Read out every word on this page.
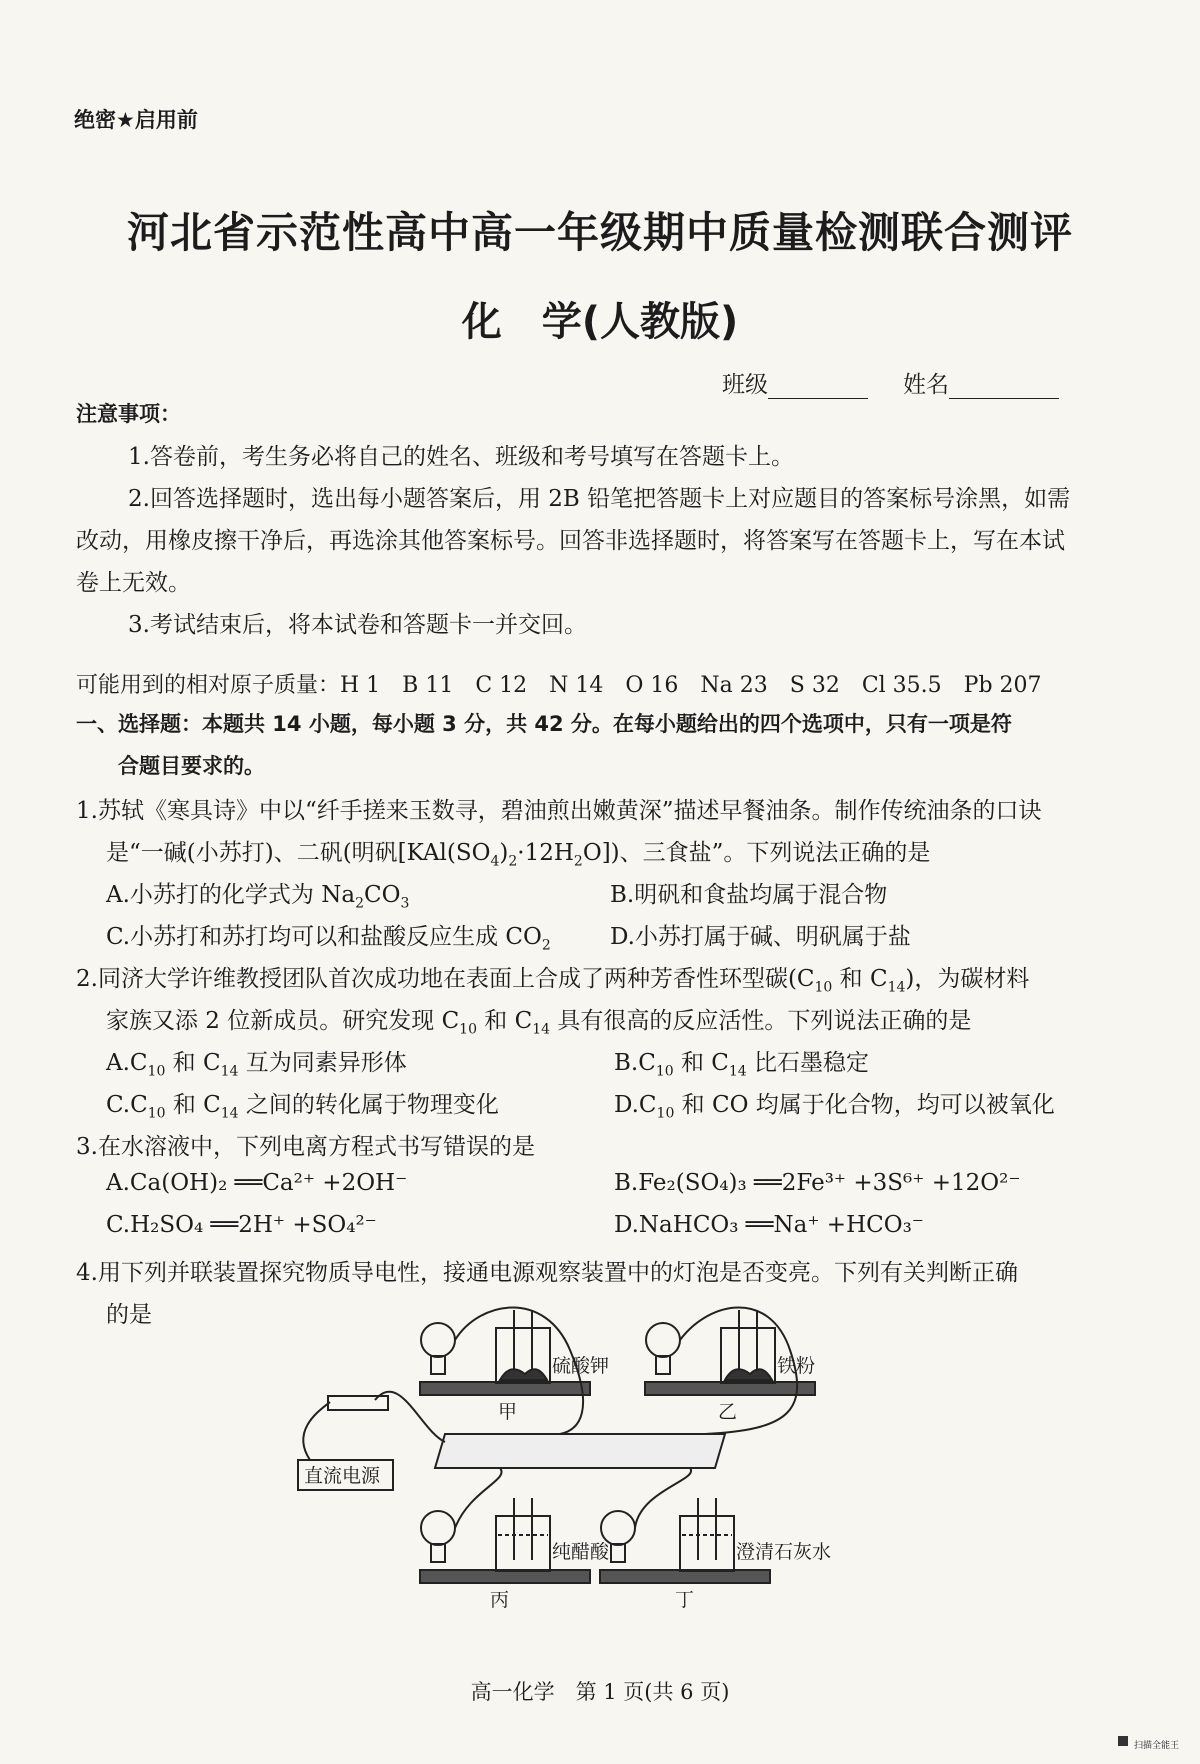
绝密★启用前
河北省示范性高中高一年级期中质量检测联合测评
化　学(人教版)
班级	姓名
注意事项：
1.答卷前，考生务必将自己的姓名、班级和考号填写在答题卡上。
2.回答选择题时，选出每小题答案后，用 2B 铅笔把答题卡上对应题目的答案标号涂黑，如需
改动，用橡皮擦干净后，再选涂其他答案标号。回答非选择题时，将答案写在答题卡上，写在本试
卷上无效。
3.考试结束后，将本试卷和答题卡一并交回。
可能用到的相对原子质量：H 1　B 11　C 12　N 14　O 16　Na 23　S 32　Cl 35.5　Pb 207
一、选择题：本题共 14 小题，每小题 3 分，共 42 分。在每小题给出的四个选项中，只有一项是符
合题目要求的。
1.苏轼《寒具诗》中以“纤手搓来玉数寻，碧油煎出嫩黄深”描述早餐油条。制作传统油条的口诀
是“一碱(小苏打)、二矾(明矾$[KAl(SO_4)_2\cdot 12H_2O]$)、三食盐”。下列说法正确的是
A.小苏打的化学式为 $Na_2CO_3$	B.明矾和食盐均属于混合物
C.小苏打和苏打均可以和盐酸反应生成 $CO_2$	D.小苏打属于碱、明矾属于盐
2.同济大学许维教授团队首次成功地在表面上合成了两种芳香性环型碳($C_{10}$ 和 $C_{14}$)，为碳材料
家族又添 2 位新成员。研究发现 $C_{10}$ 和 $C_{14}$ 具有很高的反应活性。下列说法正确的是
$A.C_{10}$ 和 $C_{14}$ 互为同素异形体	$B.C_{10}$ 和 $C_{14}$ 比石墨稳定
$C.C_{10}$ 和 $C_{14}$ 之间的转化属于物理变化	$D.C_{10}$ 和 CO 均属于化合物，均可以被氧化
3.在水溶液中，下列电离方程式书写错误的是
A.Ca(OH)₂ ══Ca²⁺ +2OH⁻	B.Fe₂(SO₄)₃ ══2Fe³⁺ +3S⁶⁺ +12O²⁻
C.H₂SO₄ ══2H⁺ +SO₄²⁻	D.NaHCO₃ ══Na⁺ +HCO₃⁻
4.用下列并联装置探究物质导电性，接通电源观察装置中的灯泡是否变亮。下列有关判断正确
的是
硫酸钾	铁粉
甲	乙
直流电源
纯醋酸	澄清石灰水
丙	丁
高一化学　第 1 页(共 6 页)
扫描全能王
